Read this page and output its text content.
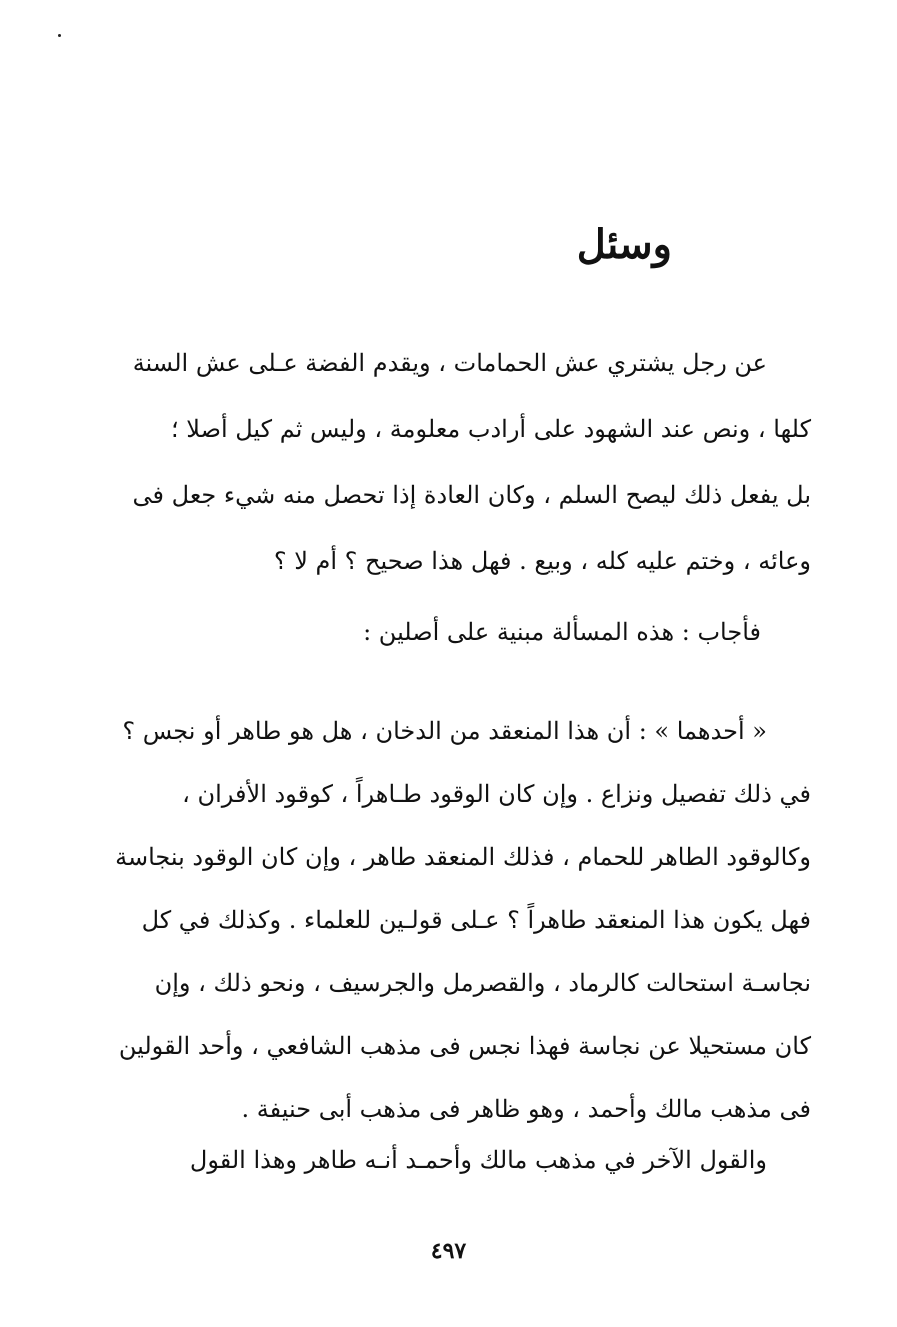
وسئل
عن رجل يشتري عش الحمامات ، ويقدم الفضة عـلى عش السنة
كلها ، ونص عند الشهود على أرادب معلومة ، وليس ثم كيل أصلا ؛
بل يفعل ذلك ليصح السلم ، وكان العادة إذا تحصل منه شيء جعل فى
وعائه ، وختم عليه كله ، وبيع . فهل هذا صحيح ؟ أم لا ؟
فأجاب : هذه المسألة مبنية على أصلين :
« أحدهما » : أن هذا المنعقد من الدخان ، هل هو طاهر أو نجس ؟
في ذلك تفصيل ونزاع . وإن كان الوقود طـاهراً ، كوقود الأفران ،
وكالوقود الطاهر للحمام ، فذلك المنعقد طاهر ، وإن كان الوقود بنجاسة
فهل يكون هذا المنعقد طاهراً ؟ عـلى قولـين للعلماء . وكذلك في كل
نجاسـة استحالت كالرماد ، والقصرمل والجرسيف ، ونحو ذلك ، وإن
كان مستحيلا عن نجاسة فهذا نجس فى مذهب الشافعي ، وأحد القولين
فى مذهب مالك وأحمد ، وهو ظاهر فى مذهب أبى حنيفة .
والقول الآخر في مذهب مالك وأحمـد أنـه طاهر وهذا القول
٤٩٧
